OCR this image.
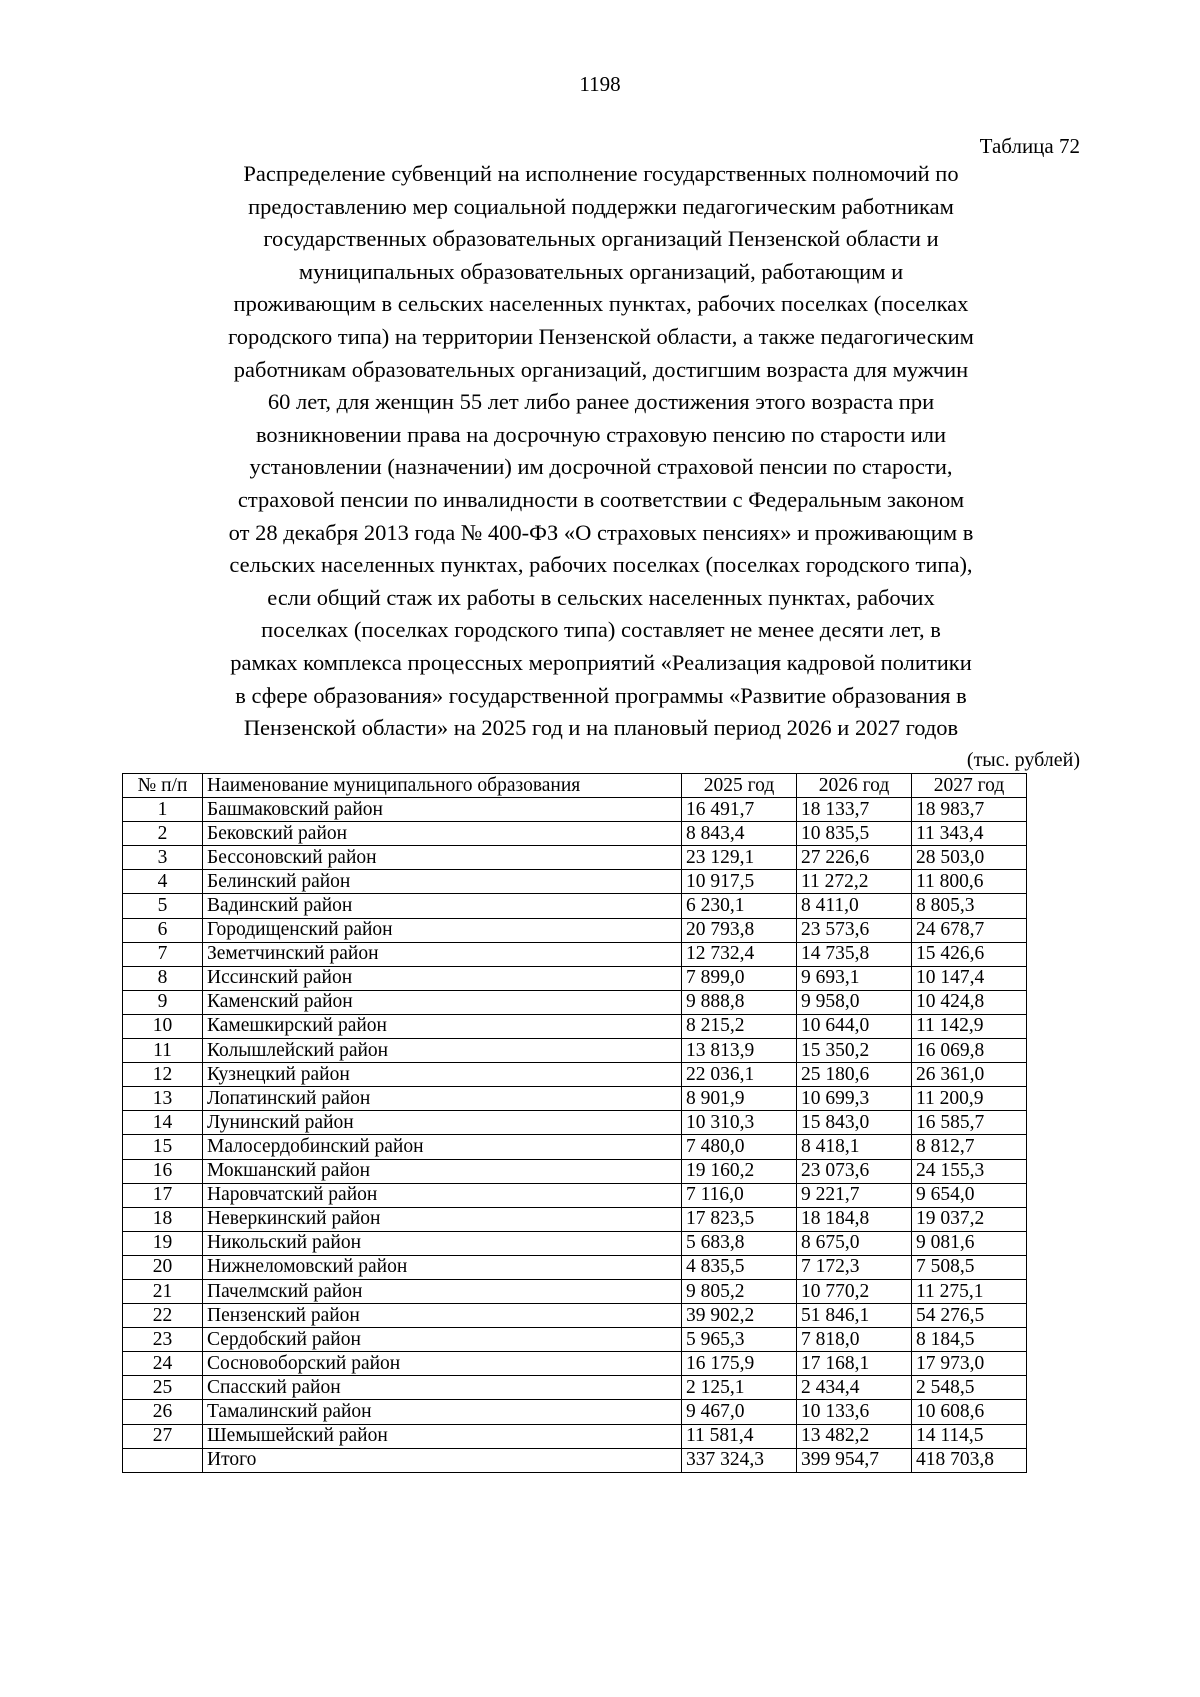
1198
Таблица 72
Распределение субвенций на исполнение государственных полномочий по
предоставлению мер социальной поддержки педагогическим работникам
государственных образовательных организаций Пензенской области и
муниципальных образовательных организаций, работающим и
проживающим в сельских населенных пунктах, рабочих поселках (поселках
городского типа) на территории Пензенской области, а также педагогическим
работникам образовательных организаций, достигшим возраста для мужчин
60 лет, для женщин 55 лет либо ранее достижения этого возраста при
возникновении права на досрочную страховую пенсию по старости или
установлении (назначении) им досрочной страховой пенсии по старости,
страховой пенсии по инвалидности в соответствии с Федеральным законом
от 28 декабря 2013 года № 400-ФЗ «О страховых пенсиях» и проживающим в
сельских населенных пунктах, рабочих поселках (поселках городского типа),
если общий стаж их работы в сельских населенных пунктах, рабочих
поселках (поселках городского типа) составляет не менее десяти лет, в
рамках комплекса процессных мероприятий «Реализация кадровой политики
в сфере образования» государственной программы «Развитие образования в
Пензенской области» на 2025 год и на плановый период 2026 и 2027 годов
(тыс. рублей)
№ п/п	Наименование муниципального образования	2025 год	2026 год	2027 год
1	Башмаковский район	16 491,7	18 133,7	18 983,7
2	Бековский район	8 843,4	10 835,5	11 343,4
3	Бессоновский район	23 129,1	27 226,6	28 503,0
4	Белинский район	10 917,5	11 272,2	11 800,6
5	Вадинский район	6 230,1	8 411,0	8 805,3
6	Городищенский район	20 793,8	23 573,6	24 678,7
7	Земетчинский район	12 732,4	14 735,8	15 426,6
8	Иссинский район	7 899,0	9 693,1	10 147,4
9	Каменский район	9 888,8	9 958,0	10 424,8
10	Камешкирский район	8 215,2	10 644,0	11 142,9
11	Колышлейский район	13 813,9	15 350,2	16 069,8
12	Кузнецкий район	22 036,1	25 180,6	26 361,0
13	Лопатинский район	8 901,9	10 699,3	11 200,9
14	Лунинский район	10 310,3	15 843,0	16 585,7
15	Малосердобинский район	7 480,0	8 418,1	8 812,7
16	Мокшанский район	19 160,2	23 073,6	24 155,3
17	Наровчатский район	7 116,0	9 221,7	9 654,0
18	Неверкинский район	17 823,5	18 184,8	19 037,2
19	Никольский район	5 683,8	8 675,0	9 081,6
20	Нижнеломовский район	4 835,5	7 172,3	7 508,5
21	Пачелмский район	9 805,2	10 770,2	11 275,1
22	Пензенский район	39 902,2	51 846,1	54 276,5
23	Сердобский район	5 965,3	7 818,0	8 184,5
24	Сосновоборский район	16 175,9	17 168,1	17 973,0
25	Спасский район	2 125,1	2 434,4	2 548,5
26	Тамалинский район	9 467,0	10 133,6	10 608,6
27	Шемышейский район	11 581,4	13 482,2	14 114,5
	Итого	337 324,3	399 954,7	418 703,8
